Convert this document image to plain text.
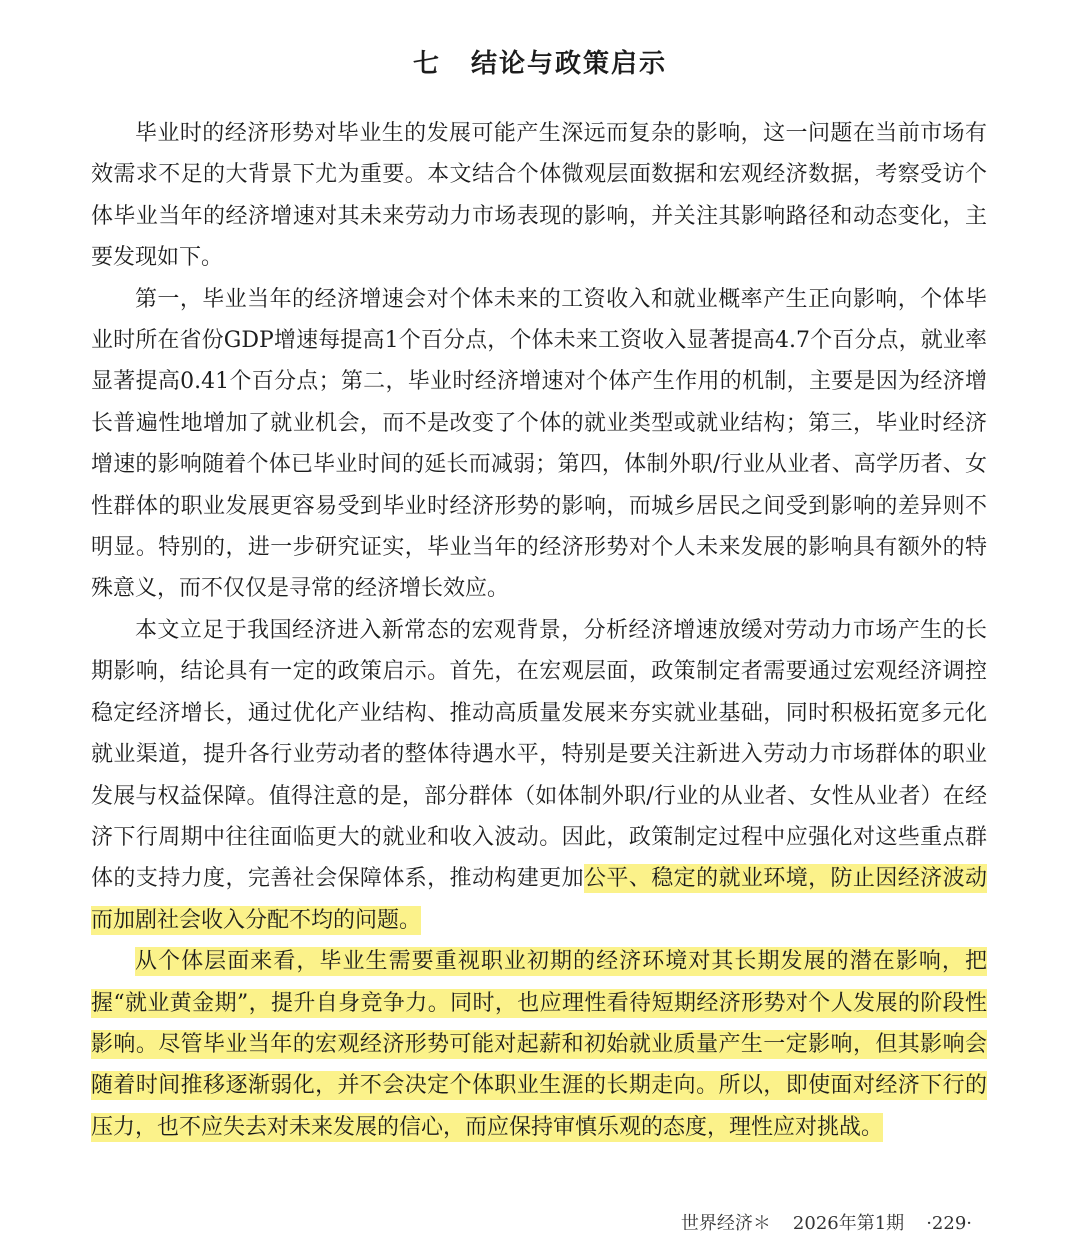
七 结论与政策启示

毕业时的经济形势对毕业生的发展可能产生深远而复杂的影响，这一问题在当前市场有效需求不足的大背景下尤为重要。本文结合个体微观层面数据和宏观经济数据，考察受访个体毕业当年的经济增速对其未来劳动力市场表现的影响，并关注其影响路径和动态变化，主要发现如下。

第一，毕业当年的经济增速会对个体未来的工资收入和就业概率产生正向影响，个体毕业时所在省份GDP增速每提高1个百分点，个体未来工资收入显著提高4.7个百分点，就业率显著提高0.41个百分点；第二，毕业时经济增速对个体产生作用的机制，主要是因为经济增长普遍性地增加了就业机会，而不是改变了个体的就业类型或就业结构；第三，毕业时经济增速的影响随着个体已毕业时间的延长而减弱；第四，体制外职/行业从业者、高学历者、女性群体的职业发展更容易受到毕业时经济形势的影响，而城乡居民之间受到影响的差异则不明显。特别的，进一步研究证实，毕业当年的经济形势对个人未来发展的影响具有额外的特殊意义，而不仅仅是寻常的经济增长效应。

本文立足于我国经济进入新常态的宏观背景，分析经济增速放缓对劳动力市场产生的长期影响，结论具有一定的政策启示。首先，在宏观层面，政策制定者需要通过宏观经济调控稳定经济增长，通过优化产业结构、推动高质量发展来夯实就业基础，同时积极拓宽多元化就业渠道，提升各行业劳动者的整体待遇水平，特别是要关注新进入劳动力市场群体的职业发展与权益保障。值得注意的是，部分群体（如体制外职/行业的从业者、女性从业者）在经济下行周期中往往面临更大的就业和收入波动。因此，政策制定过程中应强化对这些重点群体的支持力度，完善社会保障体系，推动构建更加公平、稳定的就业环境，防止因经济波动而加剧社会收入分配不均的问题。

从个体层面来看，毕业生需要重视职业初期的经济环境对其长期发展的潜在影响，把握“就业黄金期”，提升自身竞争力。同时，也应理性看待短期经济形势对个人发展的阶段性影响。尽管毕业当年的宏观经济形势可能对起薪和初始就业质量产生一定影响，但其影响会随着时间推移逐渐弱化，并不会决定个体职业生涯的长期走向。所以，即使面对经济下行的压力，也不应失去对未来发展的信心，而应保持审慎乐观的态度，理性应对挑战。

世界经济＊ 2026年第1期 ·229·
